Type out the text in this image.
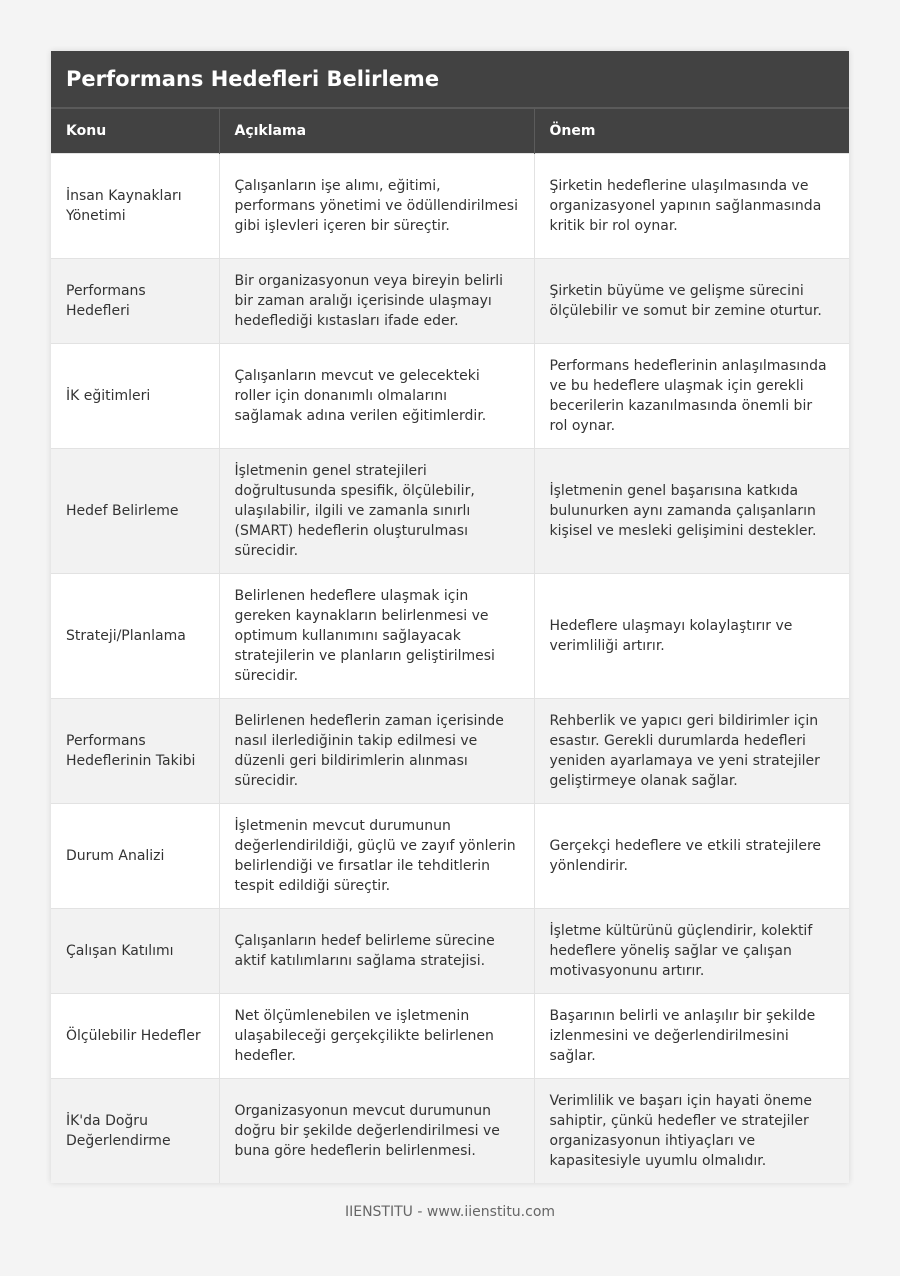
Performans Hedefleri Belirleme
Konu	Açıklama	Önem
İnsan Kaynakları Yönetimi	Çalışanların işe alımı, eğitimi, performans yönetimi ve ödüllendirilmesi gibi işlevleri içeren bir süreçtir.	Şirketin hedeflerine ulaşılmasında ve organizasyonel yapının sağlanmasında kritik bir rol oynar.
Performans Hedefleri	Bir organizasyonun veya bireyin belirli bir zaman aralığı içerisinde ulaşmayı hedeflediği kıstasları ifade eder.	Şirketin büyüme ve gelişme sürecini ölçülebilir ve somut bir zemine oturtur.
İK eğitimleri	Çalışanların mevcut ve gelecekteki roller için donanımlı olmalarını sağlamak adına verilen eğitimlerdir.	Performans hedeflerinin anlaşılmasında ve bu hedeflere ulaşmak için gerekli becerilerin kazanılmasında önemli bir rol oynar.
Hedef Belirleme	İşletmenin genel stratejileri doğrultusunda spesifik, ölçülebilir, ulaşılabilir, ilgili ve zamanla sınırlı (SMART) hedeflerin oluşturulması sürecidir.	İşletmenin genel başarısına katkıda bulunurken aynı zamanda çalışanların kişisel ve mesleki gelişimini destekler.
Strateji/Planlama	Belirlenen hedeflere ulaşmak için gereken kaynakların belirlenmesi ve optimum kullanımını sağlayacak stratejilerin ve planların geliştirilmesi sürecidir.	Hedeflere ulaşmayı kolaylaştırır ve verimliliği artırır.
Performans Hedeflerinin Takibi	Belirlenen hedeflerin zaman içerisinde nasıl ilerlediğinin takip edilmesi ve düzenli geri bildirimlerin alınması sürecidir.	Rehberlik ve yapıcı geri bildirimler için esastır. Gerekli durumlarda hedefleri yeniden ayarlamaya ve yeni stratejiler geliştirmeye olanak sağlar.
Durum Analizi	İşletmenin mevcut durumunun değerlendirildiği, güçlü ve zayıf yönlerin belirlendiği ve fırsatlar ile tehditlerin tespit edildiği süreçtir.	Gerçekçi hedeflere ve etkili stratejilere yönlendirir.
Çalışan Katılımı	Çalışanların hedef belirleme sürecine aktif katılımlarını sağlama stratejisi.	İşletme kültürünü güçlendirir, kolektif hedeflere yöneliş sağlar ve çalışan motivasyonunu artırır.
Ölçülebilir Hedefler	Net ölçümlenebilen ve işletmenin ulaşabileceği gerçekçilikte belirlenen hedefler.	Başarının belirli ve anlaşılır bir şekilde izlenmesini ve değerlendirilmesini sağlar.
İK'da Doğru Değerlendirme	Organizasyonun mevcut durumunun doğru bir şekilde değerlendirilmesi ve buna göre hedeflerin belirlenmesi.	Verimlilik ve başarı için hayati öneme sahiptir, çünkü hedefler ve stratejiler organizasyonun ihtiyaçları ve kapasitesiyle uyumlu olmalıdır.
IIENSTITU - www.iienstitu.com
